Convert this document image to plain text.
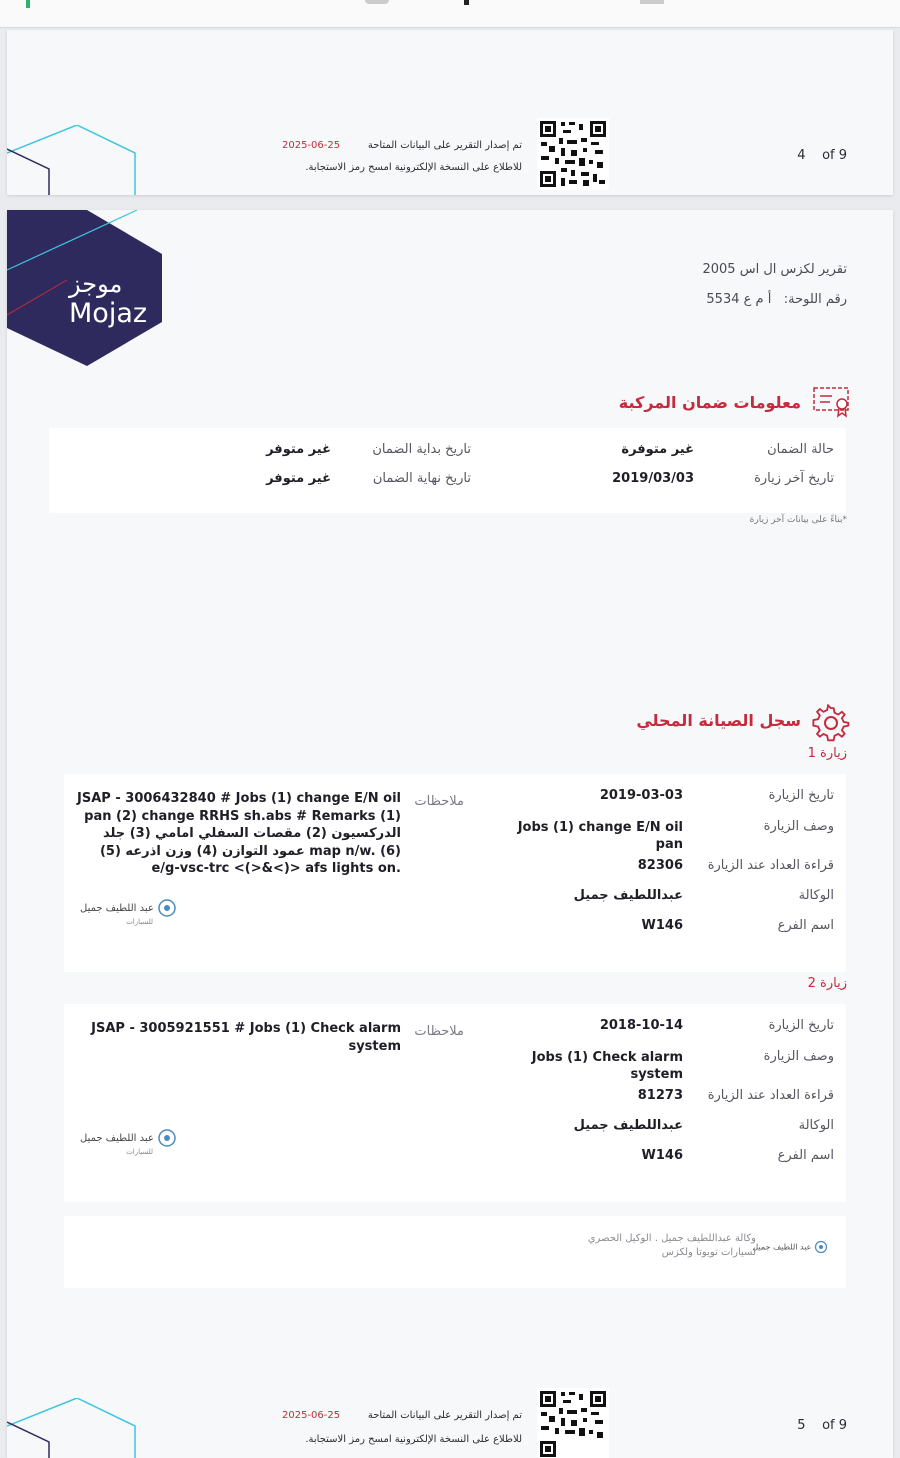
تم إصدار التقرير على البيانات المتاحة
2025-06-25
للاطلاع على النسخة الإلكترونية امسح رمز الاستجابة.
4 of 9
موجز
Mojaz
تقرير لكزس ال اس 2005
رقم اللوحة:   أ م ع 5534
معلومات ضمان المركبة
حالة الضمان
غير متوفرة
تاريخ بداية الضمان
غير متوفر
تاريخ آخر زيارة
2019/03/03
تاريخ نهاية الضمان
غير متوفر
*بناءً على بيانات آخر زيارة
سجل الصيانة المحلي
زيارة 1
تاريخ الزيارة
2019-03-03
وصف الزيارة
Jobs (1) change E/N oil pan
قراءة العداد عند الزيارة
82306
الوكالة
عبداللطيف جميل
اسم الفرع
W146
ملاحظات
JSAP - 3006432840 # Jobs (1) change E/N oil pan (2) change RRHS sh.abs # Remarks (1) الدركسيون (2) مقصات السفلي امامي (3) جلد عمود التوازن (4) وزن اذرعه (5) map n/w. (6) e/g-vsc-trc <(>&<)> afs lights on.
عبد اللطيف جميل
للسيارات
زيارة 2
تاريخ الزيارة
2018-10-14
وصف الزيارة
Jobs (1) Check alarm system
قراءة العداد عند الزيارة
81273
الوكالة
عبداللطيف جميل
اسم الفرع
W146
ملاحظات
JSAP - 3005921551 # Jobs (1) Check alarm system
عبد اللطيف جميل
للسيارات
عبد اللطيف جميل
وكالة عبداللطيف جميل . الوكيل الحصري
لسيارات تويوتا ولكزس
تم إصدار التقرير على البيانات المتاحة
2025-06-25
للاطلاع على النسخة الإلكترونية امسح رمز الاستجابة.
5 of 9
